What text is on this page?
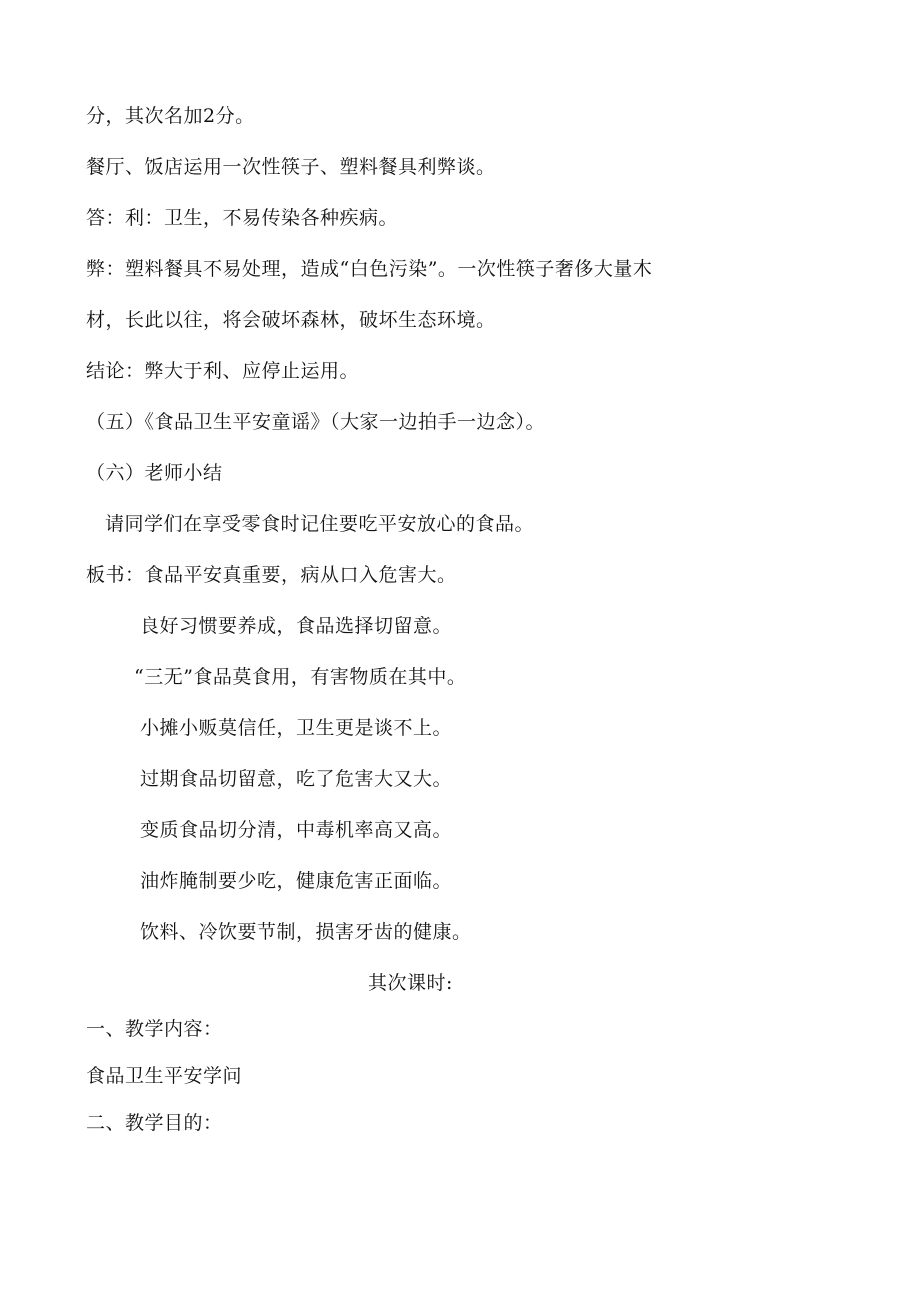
分，其次名加2分。
餐厅、饭店运用一次性筷子、塑料餐具利弊谈。
答：利：卫生，不易传染各种疾病。
弊：塑料餐具不易处理，造成“白色污染”。一次性筷子奢侈大量木
材，长此以往，将会破坏森林，破坏生态环境。
结论：弊大于利、应停止运用。
（五）《食品卫生平安童谣》（大家一边拍手一边念）。
（六）老师小结
请同学们在享受零食时记住要吃平安放心的食品。
板书：食品平安真重要，病从口入危害大。
良好习惯要养成，食品选择切留意。
“三无”食品莫食用，有害物质在其中。
小摊小贩莫信任，卫生更是谈不上。
过期食品切留意，吃了危害大又大。
变质食品切分清，中毒机率高又高。
油炸腌制要少吃，健康危害正面临。
饮料、冷饮要节制，损害牙齿的健康。
其次课时:
一、教学内容：
食品卫生平安学问
二、教学目的：
